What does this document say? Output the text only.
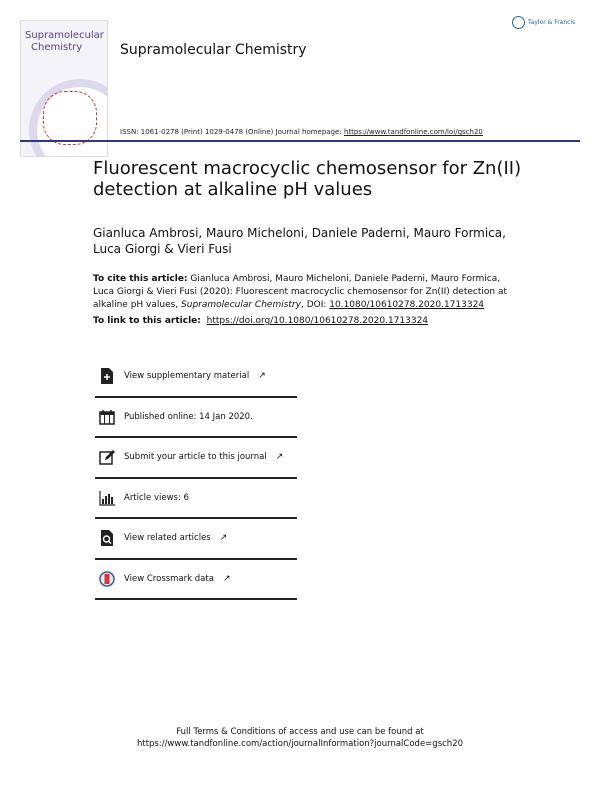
Supramolecular
Chemistry	Supramolecular Chemistry
ISSN: 1061-0278 (Print) 1029-0478 (Online) Journal homepage: https://www.tandfonline.com/loi/gsch20
Taylor & Francis
Fluorescent macrocyclic chemosensor for Zn(II) detection at alkaline pH values
Gianluca Ambrosi, Mauro Micheloni, Daniele Paderni, Mauro Formica, Luca Giorgi & Vieri Fusi
To cite this article: Gianluca Ambrosi, Mauro Micheloni, Daniele Paderni, Mauro Formica, Luca Giorgi & Vieri Fusi (2020): Fluorescent macrocyclic chemosensor for Zn(II) detection at alkaline pH values, Supramolecular Chemistry, DOI: 10.1080/10610278.2020.1713324
To link to this article: https://doi.org/10.1080/10610278.2020.1713324
View supplementary material ↗
Published online: 14 Jan 2020.
Submit your article to this journal ↗
Article views: 6
View related articles ↗
View Crossmark data ↗
Full Terms & Conditions of access and use can be found at
https://www.tandfonline.com/action/journalInformation?journalCode=gsch20
